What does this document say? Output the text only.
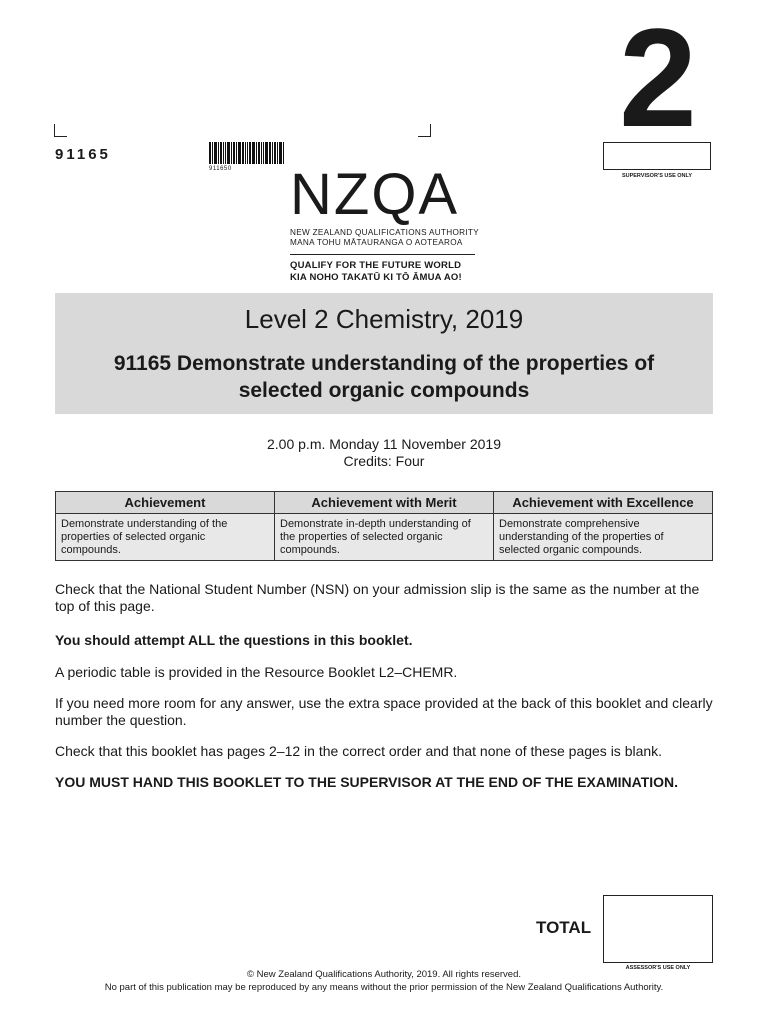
91165
911650
2
SUPERVISOR'S USE ONLY
NZQA
NEW ZEALAND QUALIFICATIONS AUTHORITY
MANA TOHU MĀTAURANGA O AOTEAROA
QUALIFY FOR THE FUTURE WORLD
KIA NOHO TAKATŪ KI TŌ ĀMUA AO!
Level 2 Chemistry, 2019
91165 Demonstrate understanding of the properties of selected organic compounds
2.00 p.m. Monday 11 November 2019
Credits: Four
Achievement	Achievement with Merit	Achievement with Excellence
Demonstrate understanding of the properties of selected organic compounds.	Demonstrate in-depth understanding of the properties of selected organic compounds.	Demonstrate comprehensive understanding of the properties of selected organic compounds.
Check that the National Student Number (NSN) on your admission slip is the same as the number at the top of this page.
You should attempt ALL the questions in this booklet.
A periodic table is provided in the Resource Booklet L2–CHEMR.
If you need more room for any answer, use the extra space provided at the back of this booklet and clearly number the question.
Check that this booklet has pages 2–12 in the correct order and that none of these pages is blank.
YOU MUST HAND THIS BOOKLET TO THE SUPERVISOR AT THE END OF THE EXAMINATION.
TOTAL
ASSESSOR'S USE ONLY
© New Zealand Qualifications Authority, 2019. All rights reserved.
No part of this publication may be reproduced by any means without the prior permission of the New Zealand Qualifications Authority.
